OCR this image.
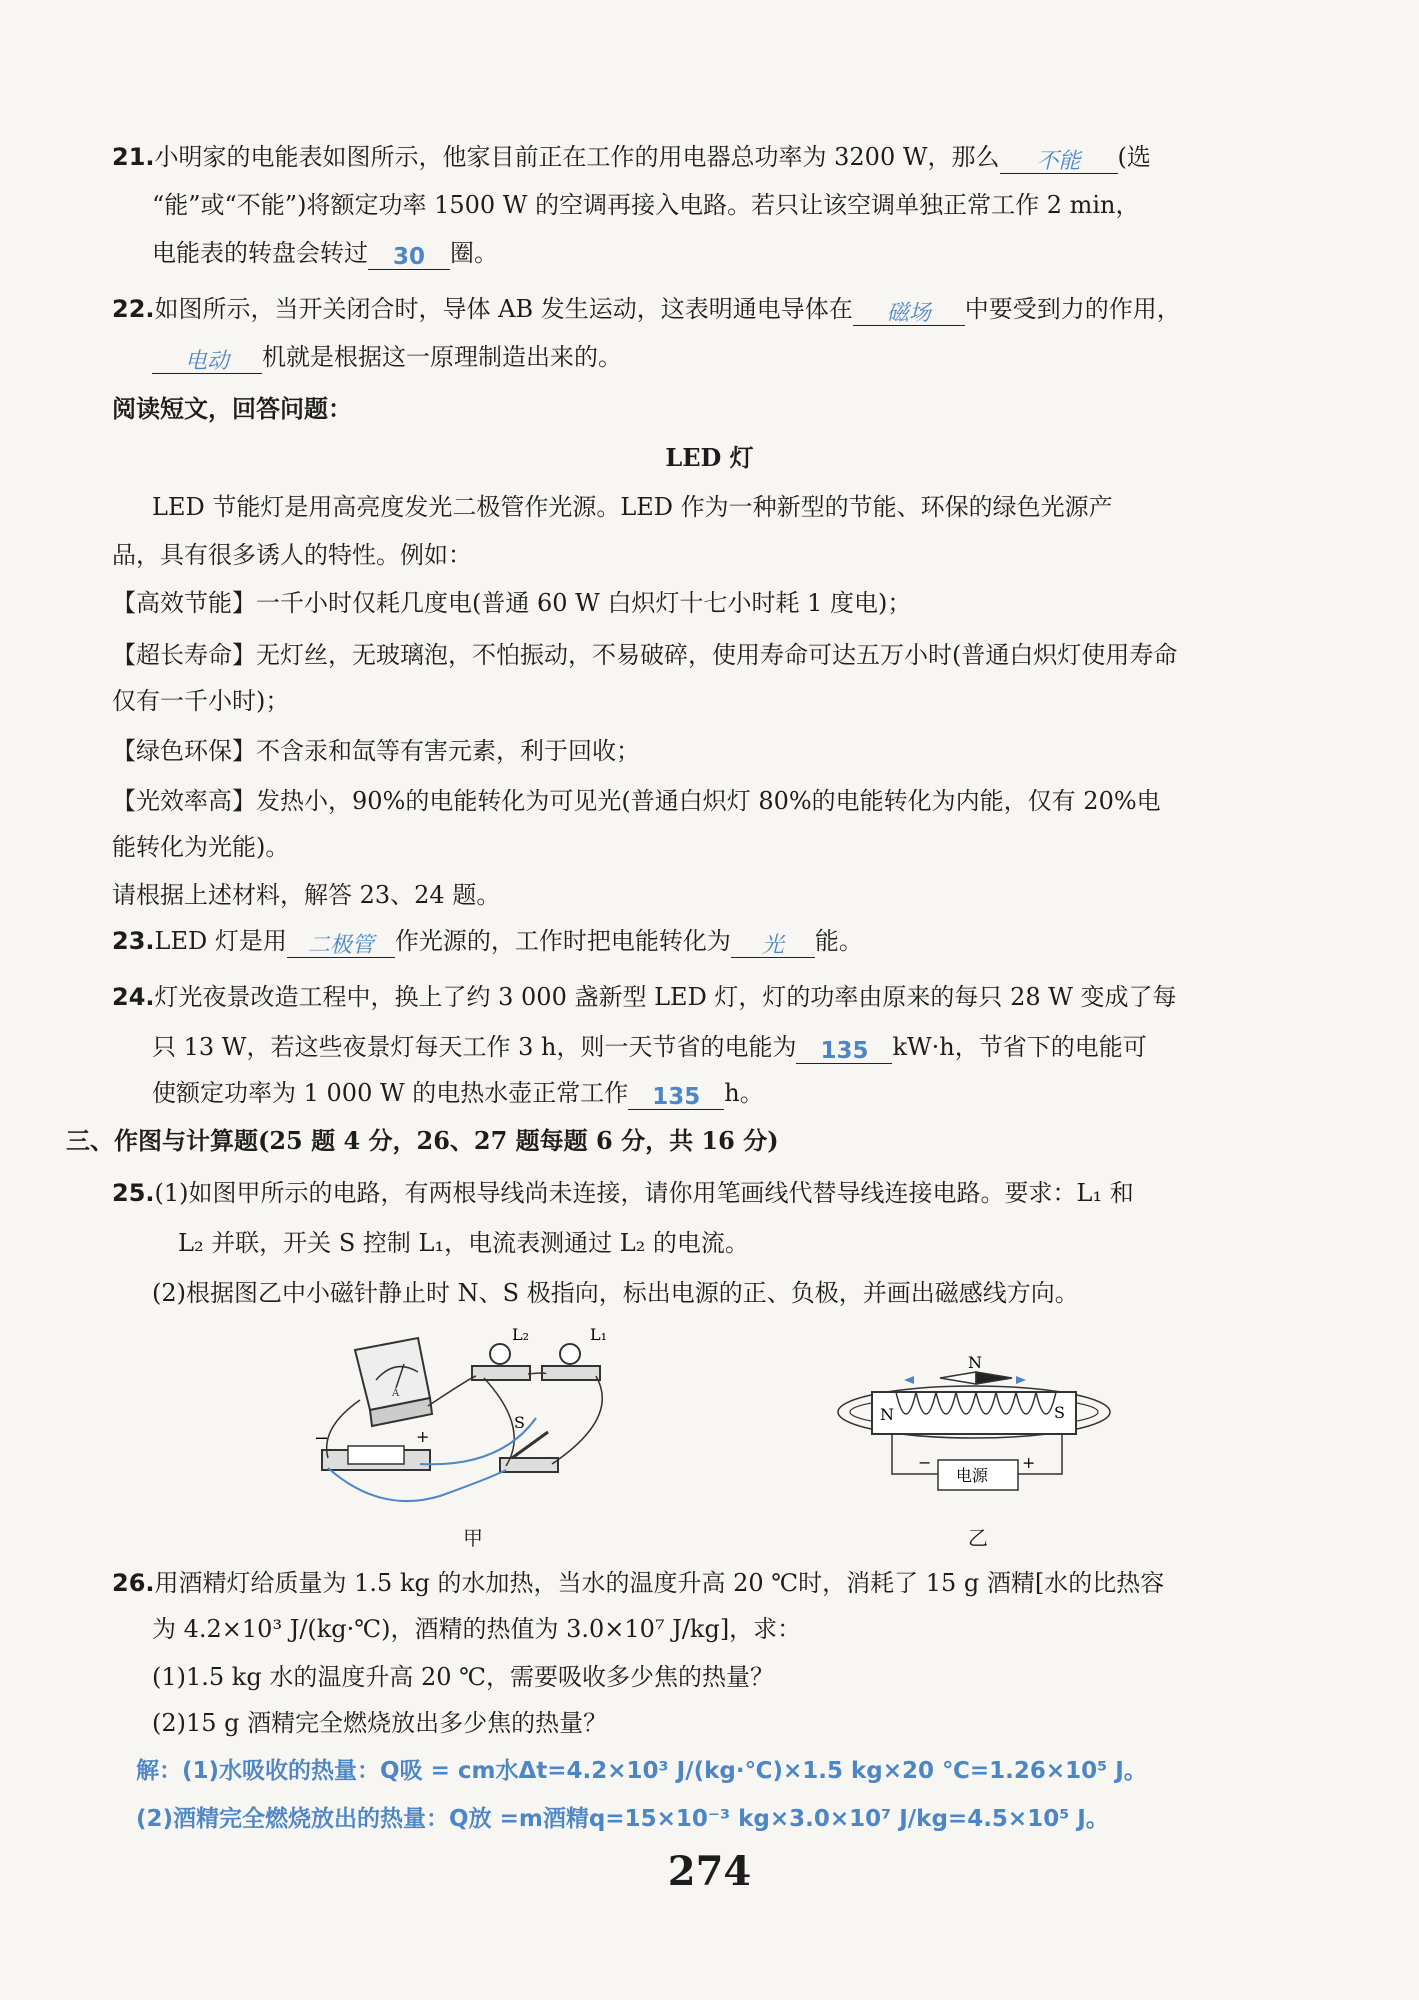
21.小明家的电能表如图所示，他家目前正在工作的用电器总功率为 3200 W，那么 不能 (选
“能”或“不能”)将额定功率 1500 W 的空调再接入电路。若只让该空调单独正常工作 2 min，
电能表的转盘会转过 30 圈。
22.如图所示，当开关闭合时，导体 AB 发生运动，这表明通电导体在 磁场 中要受到力的作用，
电动 机就是根据这一原理制造出来的。
阅读短文，回答问题：
LED 灯
LED 节能灯是用高亮度发光二极管作光源。LED 作为一种新型的节能、环保的绿色光源产
品，具有很多诱人的特性。例如：
【高效节能】一千小时仅耗几度电(普通 60 W 白炽灯十七小时耗 1 度电)；
【超长寿命】无灯丝，无玻璃泡，不怕振动，不易破碎，使用寿命可达五万小时(普通白炽灯使用寿命
仅有一千小时)；
【绿色环保】不含汞和氙等有害元素，利于回收；
【光效率高】发热小，90%的电能转化为可见光(普通白炽灯 80%的电能转化为内能，仅有 20%电
能转化为光能)。
请根据上述材料，解答 23、24 题。
23.LED 灯是用 二极管 作光源的，工作时把电能转化为 光 能。
24.灯光夜景改造工程中，换上了约 3 000 盏新型 LED 灯，灯的功率由原来的每只 28 W 变成了每
只 13 W，若这些夜景灯每天工作 3 h，则一天节省的电能为 135 kW·h，节省下的电能可
使额定功率为 1 000 W 的电热水壶正常工作 135 h。
三、作图与计算题(25 题 4 分，26、27 题每题 6 分，共 16 分)
25.(1)如图甲所示的电路，有两根导线尚未连接，请你用笔画线代替导线连接电路。要求：L₁ 和
L₂ 并联，开关 S 控制 L₁，电流表测通过 L₂ 的电流。
(2)根据图乙中小磁针静止时 N、S 极指向，标出电源的正、负极，并画出磁感线方向。
A
L₂	L₁
−	+
S
甲
N
N	S
电源
−	+
乙
26.用酒精灯给质量为 1.5 kg 的水加热，当水的温度升高 20 ℃时，消耗了 15 g 酒精[水的比热容
为 4.2×10³ J/(kg·℃)，酒精的热值为 3.0×10⁷ J/kg]，求：
(1)1.5 kg 水的温度升高 20 ℃，需要吸收多少焦的热量？
(2)15 g 酒精完全燃烧放出多少焦的热量？
解：(1)水吸收的热量：Q吸 = cm水Δt=4.2×10³ J/(kg·℃)×1.5 kg×20 ℃=1.26×10⁵ J。
(2)酒精完全燃烧放出的热量：Q放 =m酒精q=15×10⁻³ kg×3.0×10⁷ J/kg=4.5×10⁵ J。
274
